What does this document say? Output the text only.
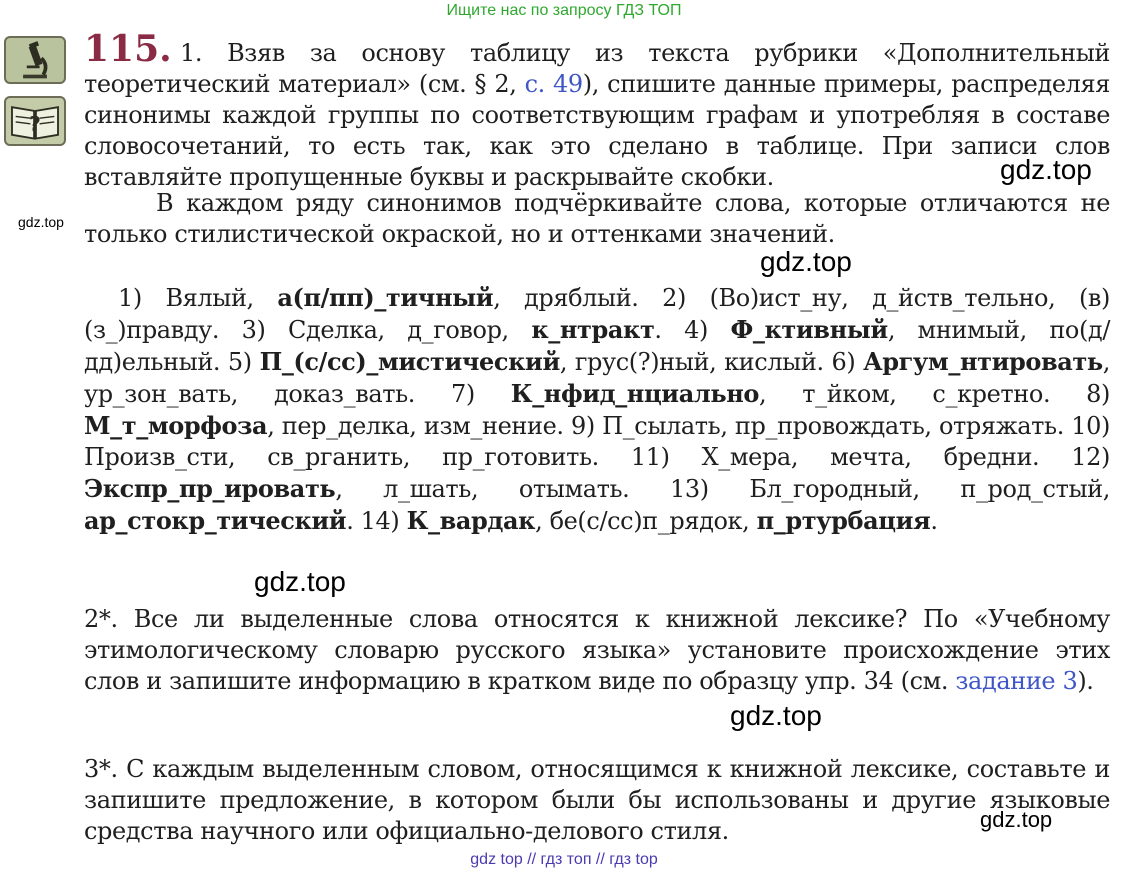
Ищите нас по запросу ГДЗ ТОП
?
115. 1. Взяв за основу таблицу из текста рубрики «Дополнительный теоретический материал» (см. § 2, с. 49), спишите данные примеры, распределяя синонимы каждой группы по соответствующим графам и употребляя в составе словосочетаний, то есть так, как это сделано в таблице. При записи слов вставляйте пропущенные буквы и раскрывайте скобки.
В каждом ряду синонимов подчёркивайте слова, которые отличаются не только стилистической окраской, но и оттенками значений.
1) Вялый, а(п/пп)_тичный, дряблый. 2) (Во)ист_ну, д_йств_тельно, (в)(з_)правду. 3) Сделка, д_говор, к_нтракт. 4) Ф_ктивный, мнимый, по(д/дд)ельный. 5) П_(с/сс)_мистический, грус(?)ный, кислый. 6) Аргум_нтировать, ур_зон_вать, доказ_вать. 7) К_нфид_нциально, т_йком, с_кретно. 8) М_т_морфоза, пер_делка, изм_нение. 9) П_сылать, пр_провождать, отряжать. 10) Произв_сти, св_рганить, пр_готовить. 11) Х_мера, мечта, бредни. 12) Экспр_пр_ировать, л_шать, отымать. 13) Бл_городный, п_род_стый, ар_стокр_тический. 14) К_вардак, бе(с/сс)п_рядок, п_ртурбация.
2*. Все ли выделенные слова относятся к книжной лексике? По «Учебному этимологическому словарю русского языка» установите происхождение этих слов и запишите информацию в кратком виде по образцу упр. 34 (см. задание 3).
3*. С каждым выделенным словом, относящимся к книжной лексике, составьте и запишите предложение, в котором были бы использованы и другие языковые средства научного или официально-делового стиля.
gdz.top
gdz.top
gdz.top
gdz.top
gdz.top
gdz.top
gdz top // гдз топ // гдз top
